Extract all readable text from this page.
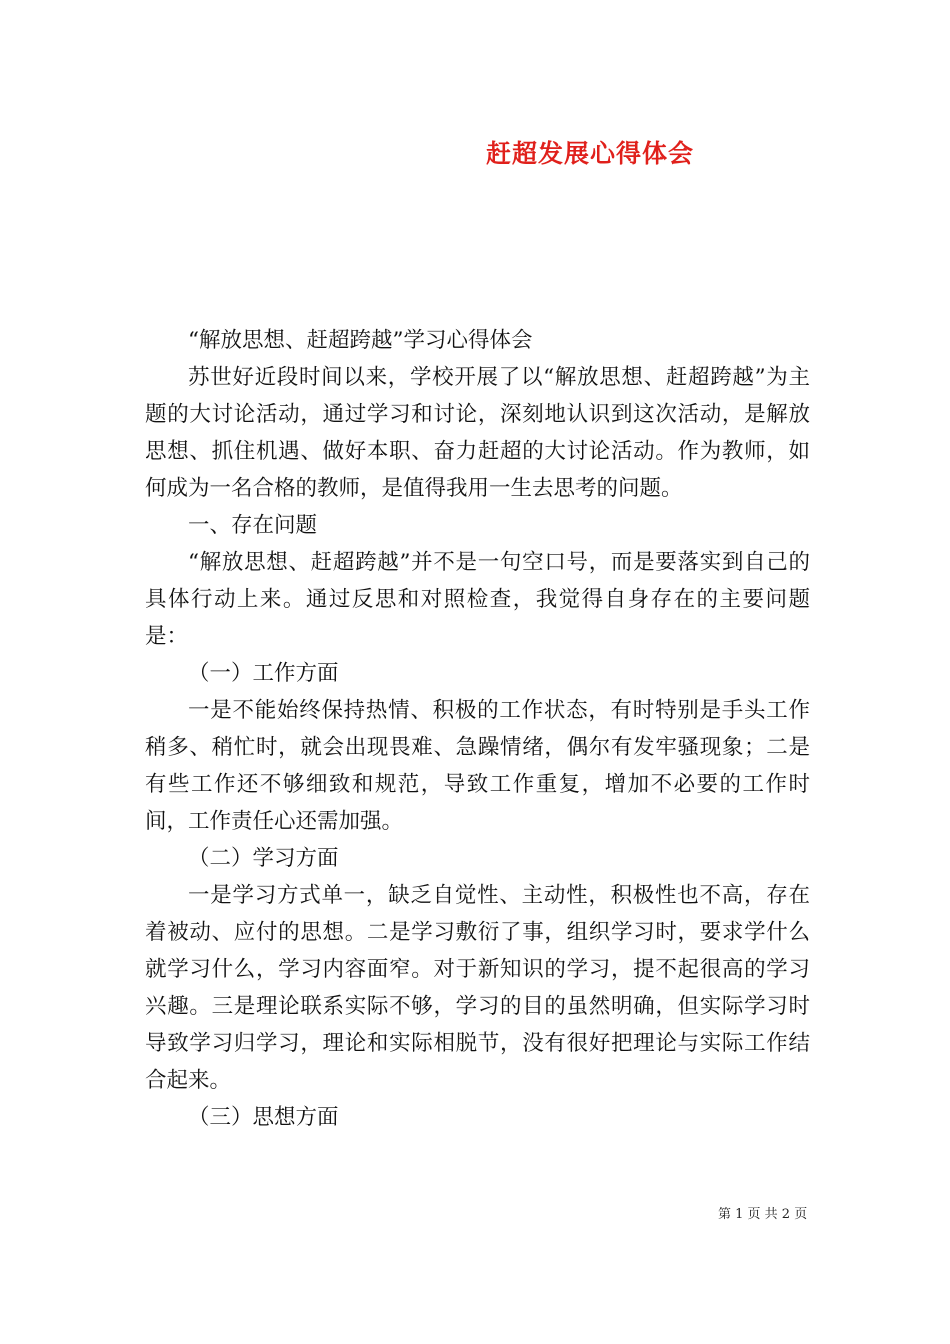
赶超发展心得体会

“解放思想、赶超跨越”学习心得体会

苏世好近段时间以来，学校开展了以“解放思想、赶超跨越”为主题的大讨论活动，通过学习和讨论，深刻地认识到这次活动，是解放思想、抓住机遇、做好本职、奋力赶超的大讨论活动。作为教师，如何成为一名合格的教师，是值得我用一生去思考的问题。

一、存在问题

“解放思想、赶超跨越”并不是一句空口号，而是要落实到自己的具体行动上来。通过反思和对照检查，我觉得自身存在的主要问题是：

（一）工作方面

一是不能始终保持热情、积极的工作状态，有时特别是手头工作稍多、稍忙时，就会出现畏难、急躁情绪，偶尔有发牢骚现象；二是有些工作还不够细致和规范，导致工作重复，增加不必要的工作时间，工作责任心还需加强。

（二）学习方面

一是学习方式单一，缺乏自觉性、主动性，积极性也不高，存在着被动、应付的思想。二是学习敷衍了事，组织学习时，要求学什么就学习什么，学习内容面窄。对于新知识的学习，提不起很高的学习兴趣。三是理论联系实际不够，学习的目的虽然明确，但实际学习时导致学习归学习，理论和实际相脱节，没有很好把理论与实际工作结合起来。

（三）思想方面

第 1 页 共 2 页
